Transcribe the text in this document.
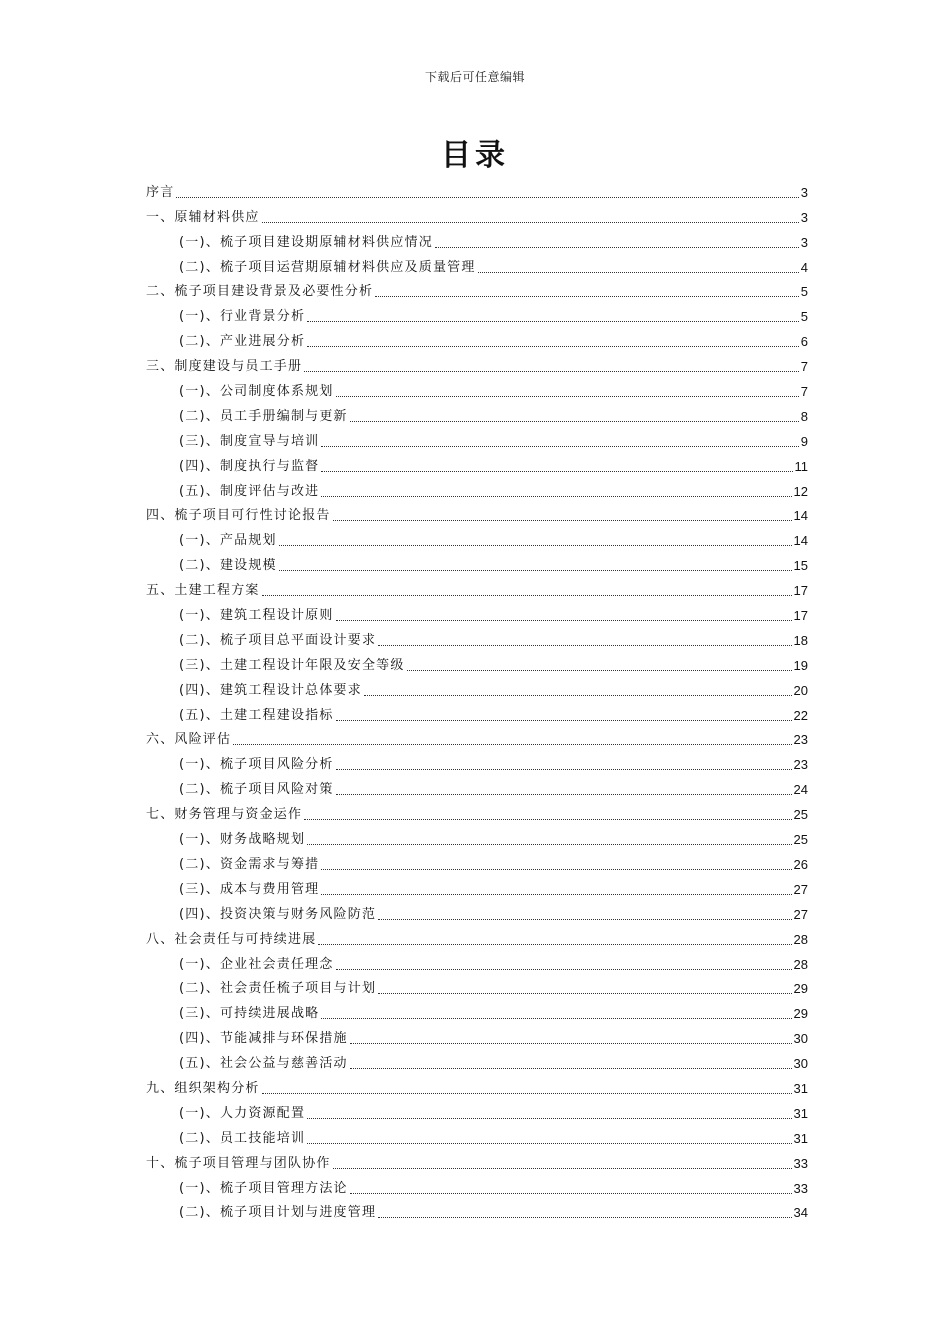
下载后可任意编辑
目录
序言	3
一、原辅材料供应	3
(一)、梳子项目建设期原辅材料供应情况	3
(二)、梳子项目运营期原辅材料供应及质量管理	4
二、梳子项目建设背景及必要性分析	5
(一)、行业背景分析	5
(二)、产业进展分析	6
三、制度建设与员工手册	7
(一)、公司制度体系规划	7
(二)、员工手册编制与更新	8
(三)、制度宣导与培训	9
(四)、制度执行与监督	11
(五)、制度评估与改进	12
四、梳子项目可行性讨论报告	14
(一)、产品规划	14
(二)、建设规模	15
五、土建工程方案	17
(一)、建筑工程设计原则	17
(二)、梳子项目总平面设计要求	18
(三)、土建工程设计年限及安全等级	19
(四)、建筑工程设计总体要求	20
(五)、土建工程建设指标	22
六、风险评估	23
(一)、梳子项目风险分析	23
(二)、梳子项目风险对策	24
七、财务管理与资金运作	25
(一)、财务战略规划	25
(二)、资金需求与筹措	26
(三)、成本与费用管理	27
(四)、投资决策与财务风险防范	27
八、社会责任与可持续进展	28
(一)、企业社会责任理念	28
(二)、社会责任梳子项目与计划	29
(三)、可持续进展战略	29
(四)、节能减排与环保措施	30
(五)、社会公益与慈善活动	30
九、组织架构分析	31
(一)、人力资源配置	31
(二)、员工技能培训	31
十、梳子项目管理与团队协作	33
(一)、梳子项目管理方法论	33
(二)、梳子项目计划与进度管理	34
